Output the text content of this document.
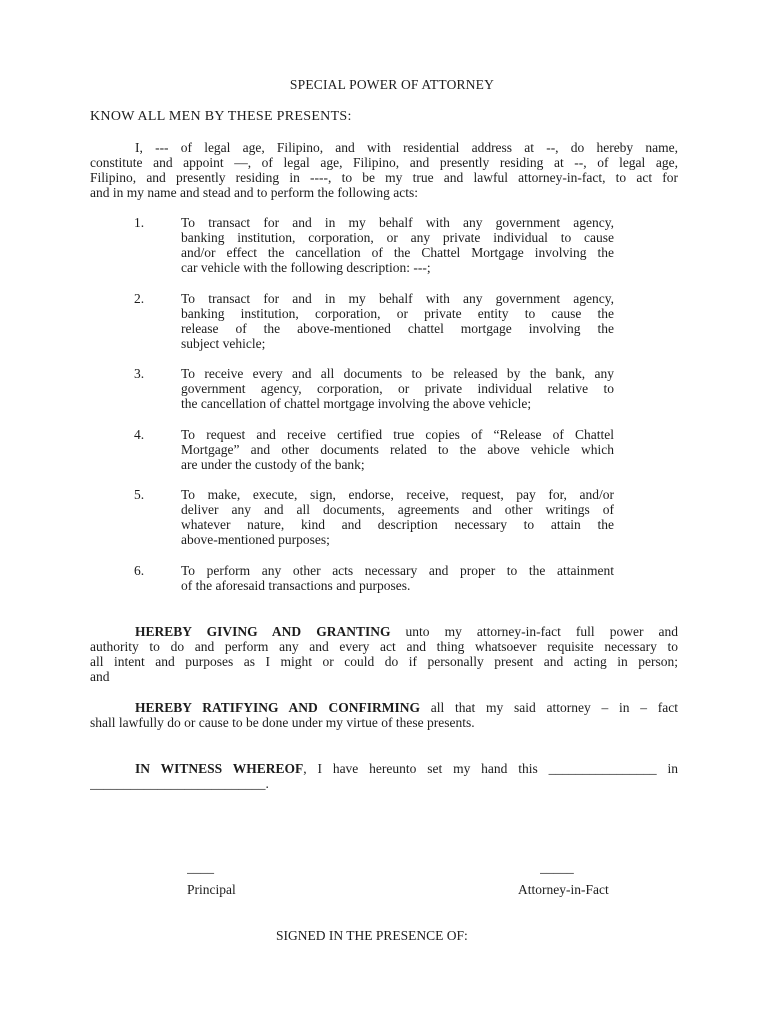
SPECIAL POWER OF ATTORNEY
KNOW ALL MEN BY THESE PRESENTS:
I, --- of legal age, Filipino, and with residential address at --, do hereby name,
constitute and appoint —, of legal age, Filipino, and presently residing at --, of legal age,
Filipino, and presently residing in ----, to be my true and lawful attorney-in-fact, to act for
and in my name and stead and to perform the following acts:
1.	To transact for and in my behalf with any government agency,
banking institution, corporation, or any private individual to cause
and/or effect the cancellation of the Chattel Mortgage involving the
car vehicle with the following description: ---;
2.	To transact for and in my behalf with any government agency,
banking institution, corporation, or private entity to cause the
release of the above-mentioned chattel mortgage involving the
subject vehicle;
3.	To receive every and all documents to be released by the bank, any
government agency, corporation, or private individual relative to
the cancellation of chattel mortgage involving the above vehicle;
4.	To request and receive certified true copies of “Release of Chattel
Mortgage” and other documents related to the above vehicle which
are under the custody of the bank;
5.	To make, execute, sign, endorse, receive, request, pay for, and/or
deliver any and all documents, agreements and other writings of
whatever nature, kind and description necessary to attain the
above-mentioned purposes;
6.	To perform any other acts necessary and proper to the attainment
of the aforesaid transactions and purposes.
HEREBY GIVING AND GRANTING unto my attorney-in-fact full power and
authority to do and perform any and every act and thing whatsoever requisite necessary to
all intent and purposes as I might or could do if personally present and acting in person;
and
HEREBY RATIFYING AND CONFIRMING all that my said attorney – in – fact
shall lawfully do or cause to be done under my virtue of these presents.
IN WITNESS WHEREOF, I have hereunto set my hand this ________________ in
__________________________.
____
Principal
_____
Attorney-in-Fact
SIGNED IN THE PRESENCE OF:
